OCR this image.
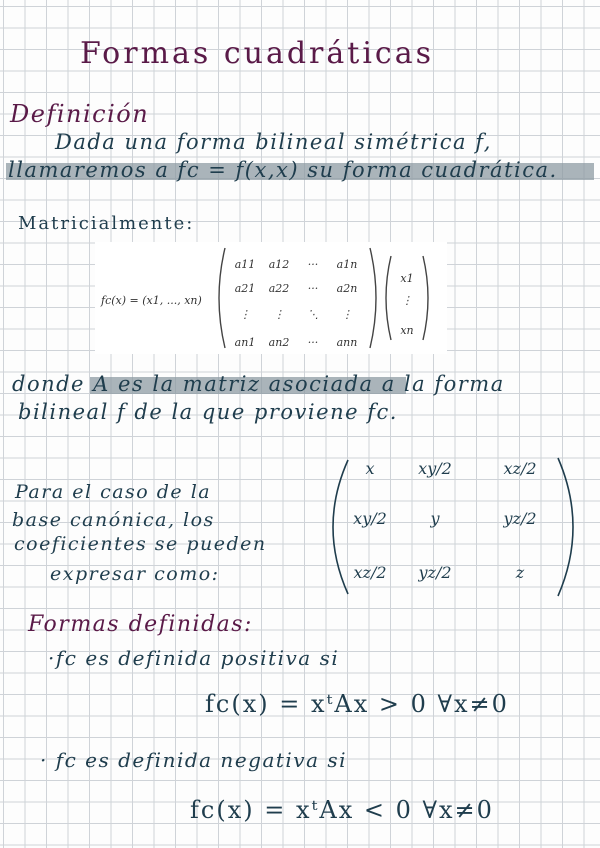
Formas cuadráticas
Definición
Dada una forma bilineal simétrica f,
llamaremos a fc = f(x,x) su forma cuadrática.
Matricialmente:
fc(x) = (x1, ..., xn)
a11 a12 ··· a1n
a21 a22 ··· a2n
⋮ ⋮ ⋱ ⋮
an1 an2 ··· ann
x1
⋮
xn
donde A es la matriz asociada a la forma
bilineal f de la que proviene fc.
Para el caso de la
base canónica, los
coeficientes se pueden
expresar como:
x	xy/2	xz/2
xy/2	y	yz/2
xz/2 yz/2	z
Formas definidas:
·fc es definida positiva si
fc(x) = xᵗAx > 0 ∀x≠0
· fc es definida negativa si
fc(x) = xᵗAx < 0 ∀x≠0
